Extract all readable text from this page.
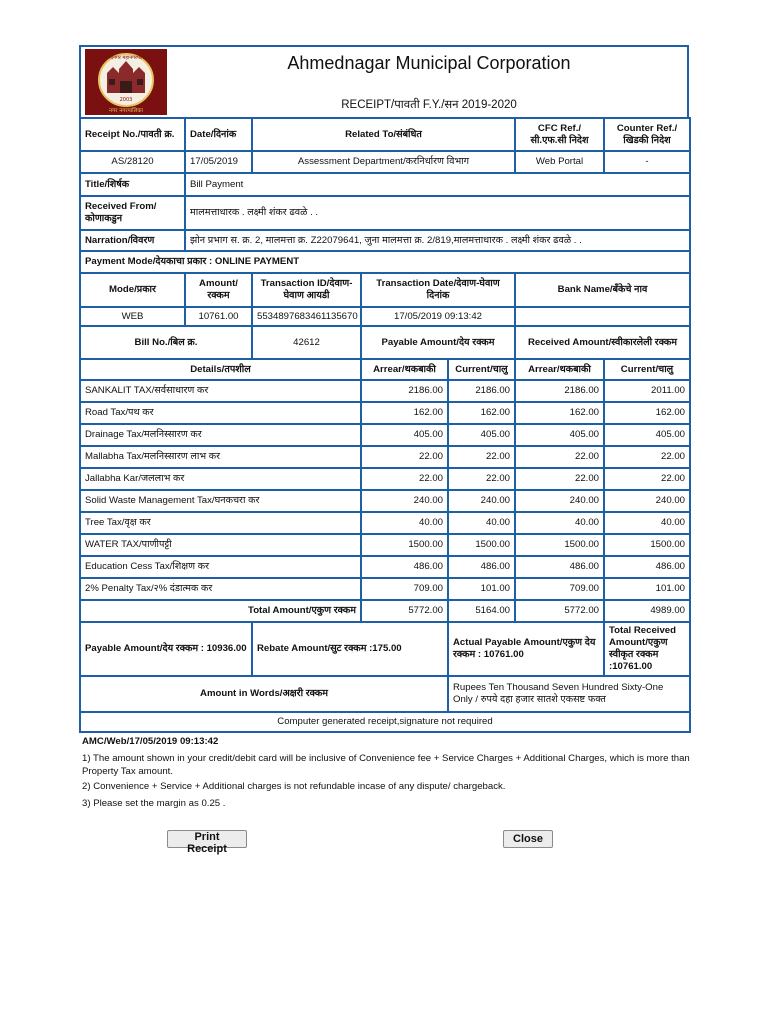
अहमदनगर महानगरपालिका
2003
नगर नगरपालिका
Ahmednagar Municipal Corporation
RECEIPT/पावती F.Y./सन 2019-2020
Receipt No./पावती क्र.	Date/दिनांक	Related To/संबंधित			CFC Ref./ सी.एफ.सी निदेश	Counter Ref./ खिडकी निदेश
AS/28120	17/05/2019	Assessment Department/करनिर्धारण विभाग			Web Portal	-
Title/शिर्षक	Bill Payment					
Received From/ कोणाकडुन	मालमत्ताधारक . लक्ष्मी शंकर ढवळे . .					
Narration/विवरण	झोन प्रभाग स. क्र. 2, मालमत्ता क्र. Z22079641, जुना मालमत्ता क्र. 2/819,मालमत्ताधारक . लक्ष्मी शंकर ढवळे . .					
Payment Mode/देयकाचा प्रकार : ONLINE PAYMENT						
Mode/प्रकार	Amount/ रक्कम	Transaction ID/देवाण-घेवाण आयडी	Transaction Date/देवाण-घेवाण दिनांक		Bank Name/बँकेचे नाव	
WEB	10761.00	5534897683461135670	17/05/2019 09:13:42			
Bill No./बिल क्र.		42612	Payable Amount/देय रक्कम		Received Amount/स्वीकारलेली रक्कम	
Details/तपशील			Arrear/थकबाकी	Current/चालु	Arrear/थकबाकी	Current/चालु
SANKALIT TAX/सर्वसाधारण कर			2186.00	2186.00	2186.00	2011.00
Road Tax/पथ कर			162.00	162.00	162.00	162.00
Drainage Tax/मलनिस्सारण कर			405.00	405.00	405.00	405.00
Mallabha Tax/मलनिस्सारण लाभ कर			22.00	22.00	22.00	22.00
Jallabha Kar/जललाभ कर			22.00	22.00	22.00	22.00
Solid Waste Management Tax/घनकचरा कर			240.00	240.00	240.00	240.00
Tree Tax/वृक्ष कर			40.00	40.00	40.00	40.00
WATER TAX/पाणीपट्टी			1500.00	1500.00	1500.00	1500.00
Education Cess Tax/शिक्षण कर			486.00	486.00	486.00	486.00
2% Penalty Tax/२% दंडात्मक कर			709.00	101.00	709.00	101.00
Total Amount/एकुण रक्कम			5772.00	5164.00	5772.00	4989.00
Payable Amount/देय रक्कम : 10936.00		Rebate Amount/सुट रक्कम :175.00		Actual Payable Amount/एकुण देय रक्कम : 10761.00		Total Received Amount/एकुण स्वीकृत रक्कम :10761.00
Amount in Words/अक्षरी रक्कम				Rupees Ten Thousand Seven Hundred Sixty-One Only / रुपये दहा हजार सातशे एकसष्ट फक्त		
Computer generated receipt,signature not required						
AMC/Web/17/05/2019 09:13:42
1) The amount shown in your credit/debit card will be inclusive of Convenience fee + Service Charges + Additional Charges, which is more than Property Tax amount.
2) Convenience + Service + Additional charges is not refundable incase of any dispute/ chargeback.
3) Please set the margin as 0.25 .
Print Receipt
Close
